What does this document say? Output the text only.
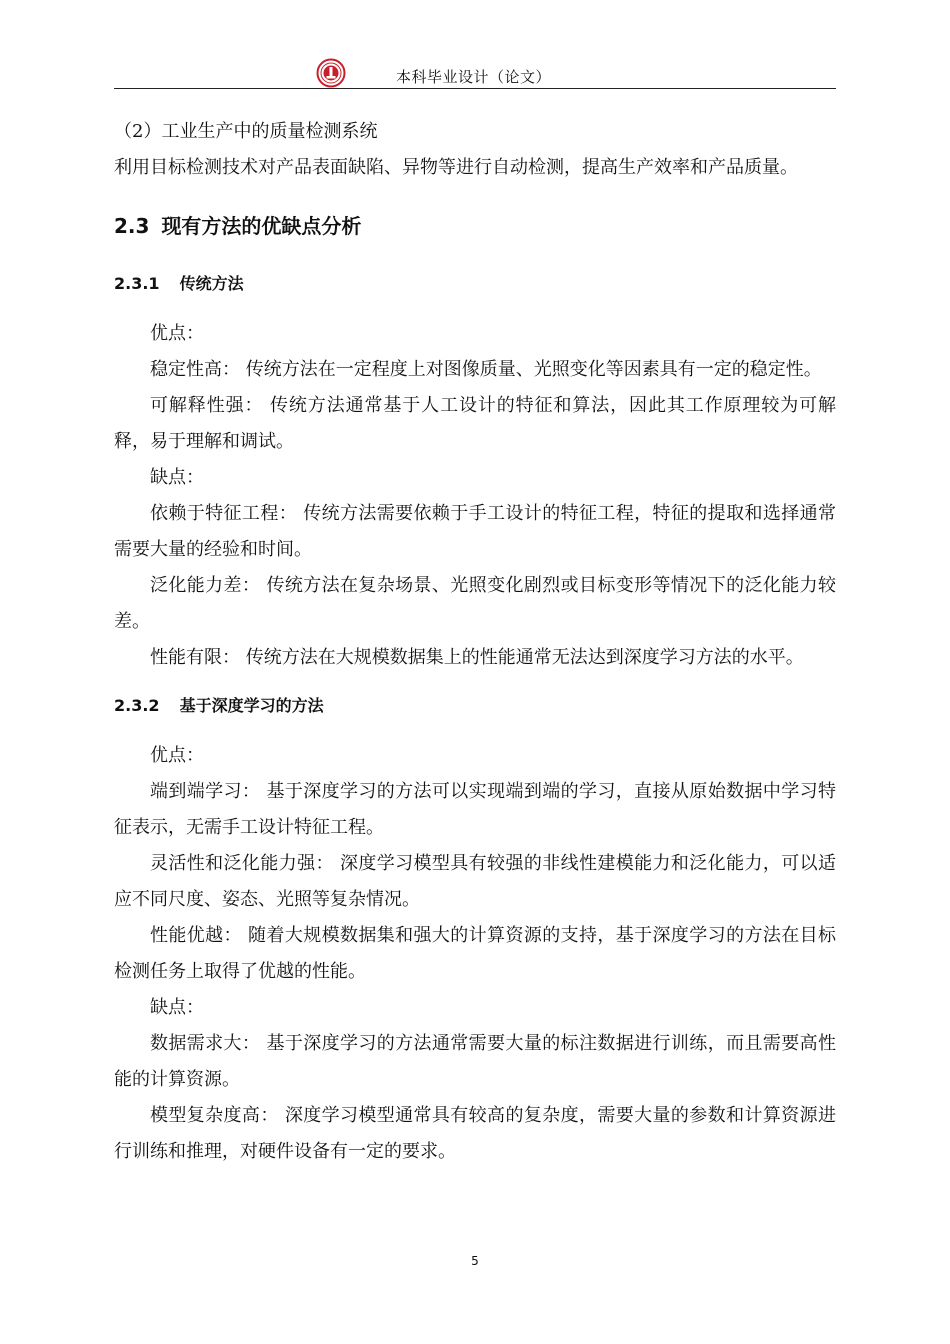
本科毕业设计（论文）

（2）工业生产中的质量检测系统

利用目标检测技术对产品表面缺陷、异物等进行自动检测，提高生产效率和产品质量。

2.3 现有方法的优缺点分析
2.3.1 传统方法

优点：

稳定性高： 传统方法在一定程度上对图像质量、光照变化等因素具有一定的稳定性。

可解释性强： 传统方法通常基于人工设计的特征和算法，因此其工作原理较为可解释，易于理解和调试。

缺点：

依赖于特征工程： 传统方法需要依赖于手工设计的特征工程，特征的提取和选择通常需要大量的经验和时间。

泛化能力差： 传统方法在复杂场景、光照变化剧烈或目标变形等情况下的泛化能力较差。

性能有限： 传统方法在大规模数据集上的性能通常无法达到深度学习方法的水平。

2.3.2 基于深度学习的方法

优点：

端到端学习： 基于深度学习的方法可以实现端到端的学习，直接从原始数据中学习特征表示，无需手工设计特征工程。

灵活性和泛化能力强： 深度学习模型具有较强的非线性建模能力和泛化能力，可以适应不同尺度、姿态、光照等复杂情况。

性能优越： 随着大规模数据集和强大的计算资源的支持，基于深度学习的方法在目标检测任务上取得了优越的性能。

缺点：

数据需求大： 基于深度学习的方法通常需要大量的标注数据进行训练，而且需要高性能的计算资源。

模型复杂度高： 深度学习模型通常具有较高的复杂度，需要大量的参数和计算资源进行训练和推理，对硬件设备有一定的要求。

5
